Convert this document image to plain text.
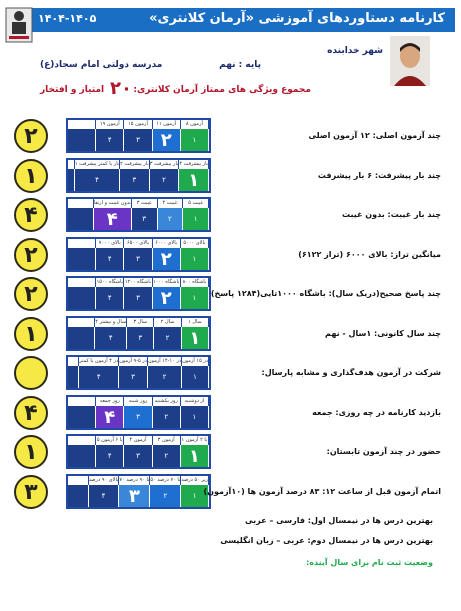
کارنامه دستاوردهای آموزشی «آرمان کلانتری»
۱۴۰۴-۱۴۰۵
شهر خدابنده
پایه : نهم
مدرسه دولتی امام سجاد(ع)
مجموع ویژگی های ممتاز آرمان کلانتری:
۲۰
امتیاز و افتخار
۱۹ آزمون	۱۵ آزمون	۱۱ آزمون	۸ آزمون
۴	۳	۲	۱
۲	چند آزمون اصلی: ۱۲ آزمون اصلی
۱ بار یا کمتر پیشرفت ۲ بار پیشرفت ۳ بار پیشرفت ۴ بار پیشرفت
۴	۳	۲	۱
۱	چند بار پیشرفت: ۶ بار پیشرفت
بدون غیبت و ارتقا	۳ غیبت	۴ غیبت	۵ غیبت
۴	۳	۲	۱
۴	چند بار غیبت: بدون غیبت
بالای ۷۰۰۰	بالای ۶۵۰۰	بالای ۶۰۰۰	بالای ۵۰۰۰
۴	۳	۲	۱
۲	میانگین تراز: بالای ۶۰۰۰ (تراز ۶۱۲۲)
باشگاه ۱۵۰۰ باشگاه ۱۲۰۰ باشگاه ۱۰۰۰ باشگاه ۸۰۰
۴	۳	۲	۱
۲	چند پاسخ صحیح(دریک سال): باشگاه ۱۰۰۰تایی(۱۲۸۴ پاسخ)
۴ سال و بیشتر	۳ سال	۲ سال	۱ سال
۴	۳	۲	۱
۱	چند سال کانونی: ۱سال - نهم
در ۴ آزمون یا کمتر در ۵-۹ آزمون در ۱۰-۱۴ آزمون در ۱۵ آزمون
۴	۳	۲	۱	شرکت در آزمون هدف‌گذاری و مشابه پارسال:
روز جمعه	روز شنبه	روز یکشنبه	از دوشنبه
۴	۳	۲	۱
۴	بازدید کارنامه در چه روزی: جمعه
۵ یا ۶ آزمون	۴ آزمون	۳ آزمون	۱ یا ۲ آزمون
۴	۳	۲	۱
۱	حضور در چند آزمون تابستان:
بالای ۹۰ درصد ۷۰ تا ۹۰ درصد ۵۰ تا ۷۰ درصد زیر ۵۰ درصد
۴	۳	۲	۱
۳	اتمام آزمون قبل از ساعت ۱۲: ۸۳ درصد آزمون ها (۱۰آزمون)
بهترین درس ها در نیمسال اول: فارسی – عربی
بهترین درس ها در نیمسال دوم: عربی – زبان انگلیسی
وضعیت ثبت نام برای سال آینده:
